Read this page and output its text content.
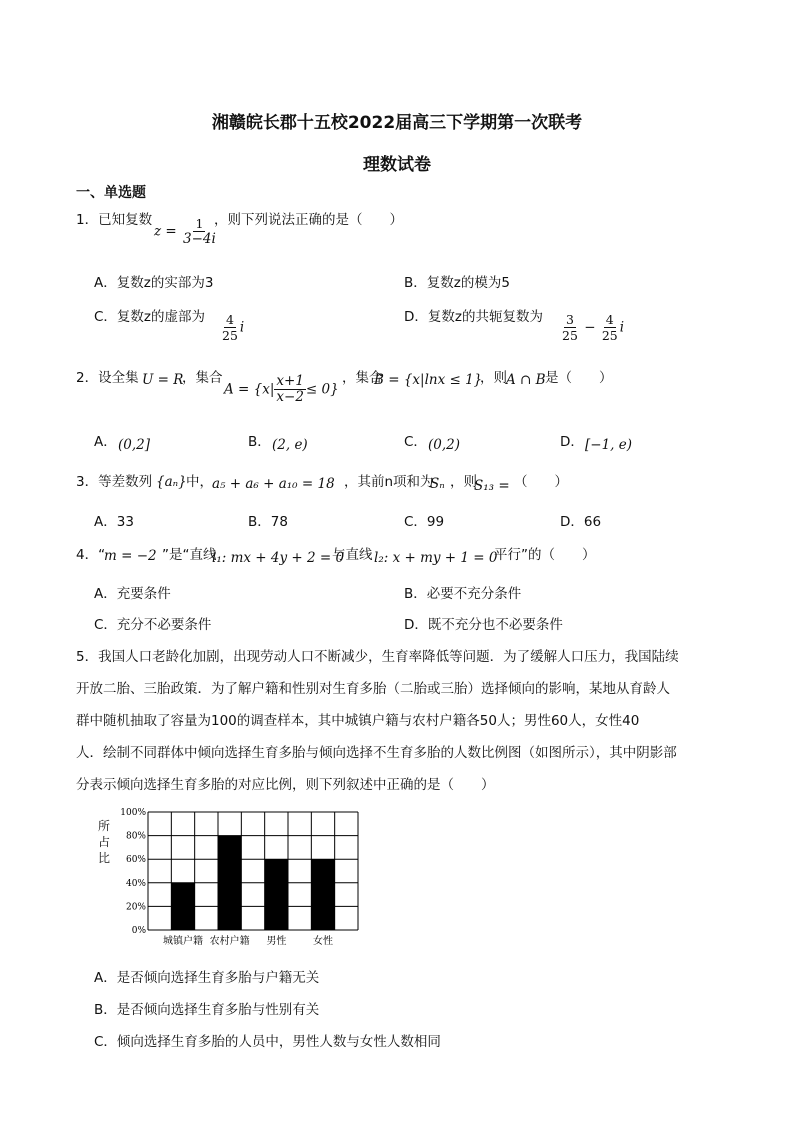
湘赣皖长郡十五校2022届高三下学期第一次联考
理数试卷
一、单选题
1．已知复数
$z = \frac{1}{3-4i}$
，则下列说法正确的是（　　）
A．复数z的实部为3	B．复数z的模为5
C．复数z的虚部为 $\frac{4}{25}$ i
D．复数z的共轭复数为 $\frac{3}{25} - \frac{4}{25}$ i
2．设全集 U = R
，集合
$A = \{x| \frac{x+1}{x-2} \le 0\}$
，集合
B = {x|lnx ≤ 1}
，则 A ∩ B 是（　　）
A． (0,2]	B． (2, e)	C． (0,2)	D． [−1, e)
3．等差数列 {aₙ} 中， a₅ + a₆ + a₁₀ = 18 ，其前n项和为
Sₙ ，则
S₁₃ = （　　）
A．33	B．78	C．99	D．66
4．“
m = −2 ”是“直线
l₁: mx + 4y + 2 = 0
与直线 l₂: x + my + 1 = 0
平行”的（　　）
A．充要条件	B．必要不充分条件
C．充分不必要条件	D．既不充分也不必要条件
5．我国人口老龄化加剧，出现劳动人口不断减少，生育率降低等问题．为了缓解人口压力，我国陆续
开放二胎、三胎政策．为了解户籍和性别对生育多胎（二胎或三胎）选择倾向的影响，某地从育龄人
群中随机抽取了容量为100的调查样本，其中城镇户籍与农村户籍各50人；男性60人，女性40
人．绘制不同群体中倾向选择生育多胎与倾向选择不生育多胎的人数比例图（如图所示），其中阴影部
分表示倾向选择生育多胎的对应比例，则下列叙述中正确的是（　　）
所占比
0%
20%
40%
60%
80%
100%
城镇户籍 农村户籍 男性	女性
A．是否倾向选择生育多胎与户籍无关
B．是否倾向选择生育多胎与性别有关
C．倾向选择生育多胎的人员中，男性人数与女性人数相同
